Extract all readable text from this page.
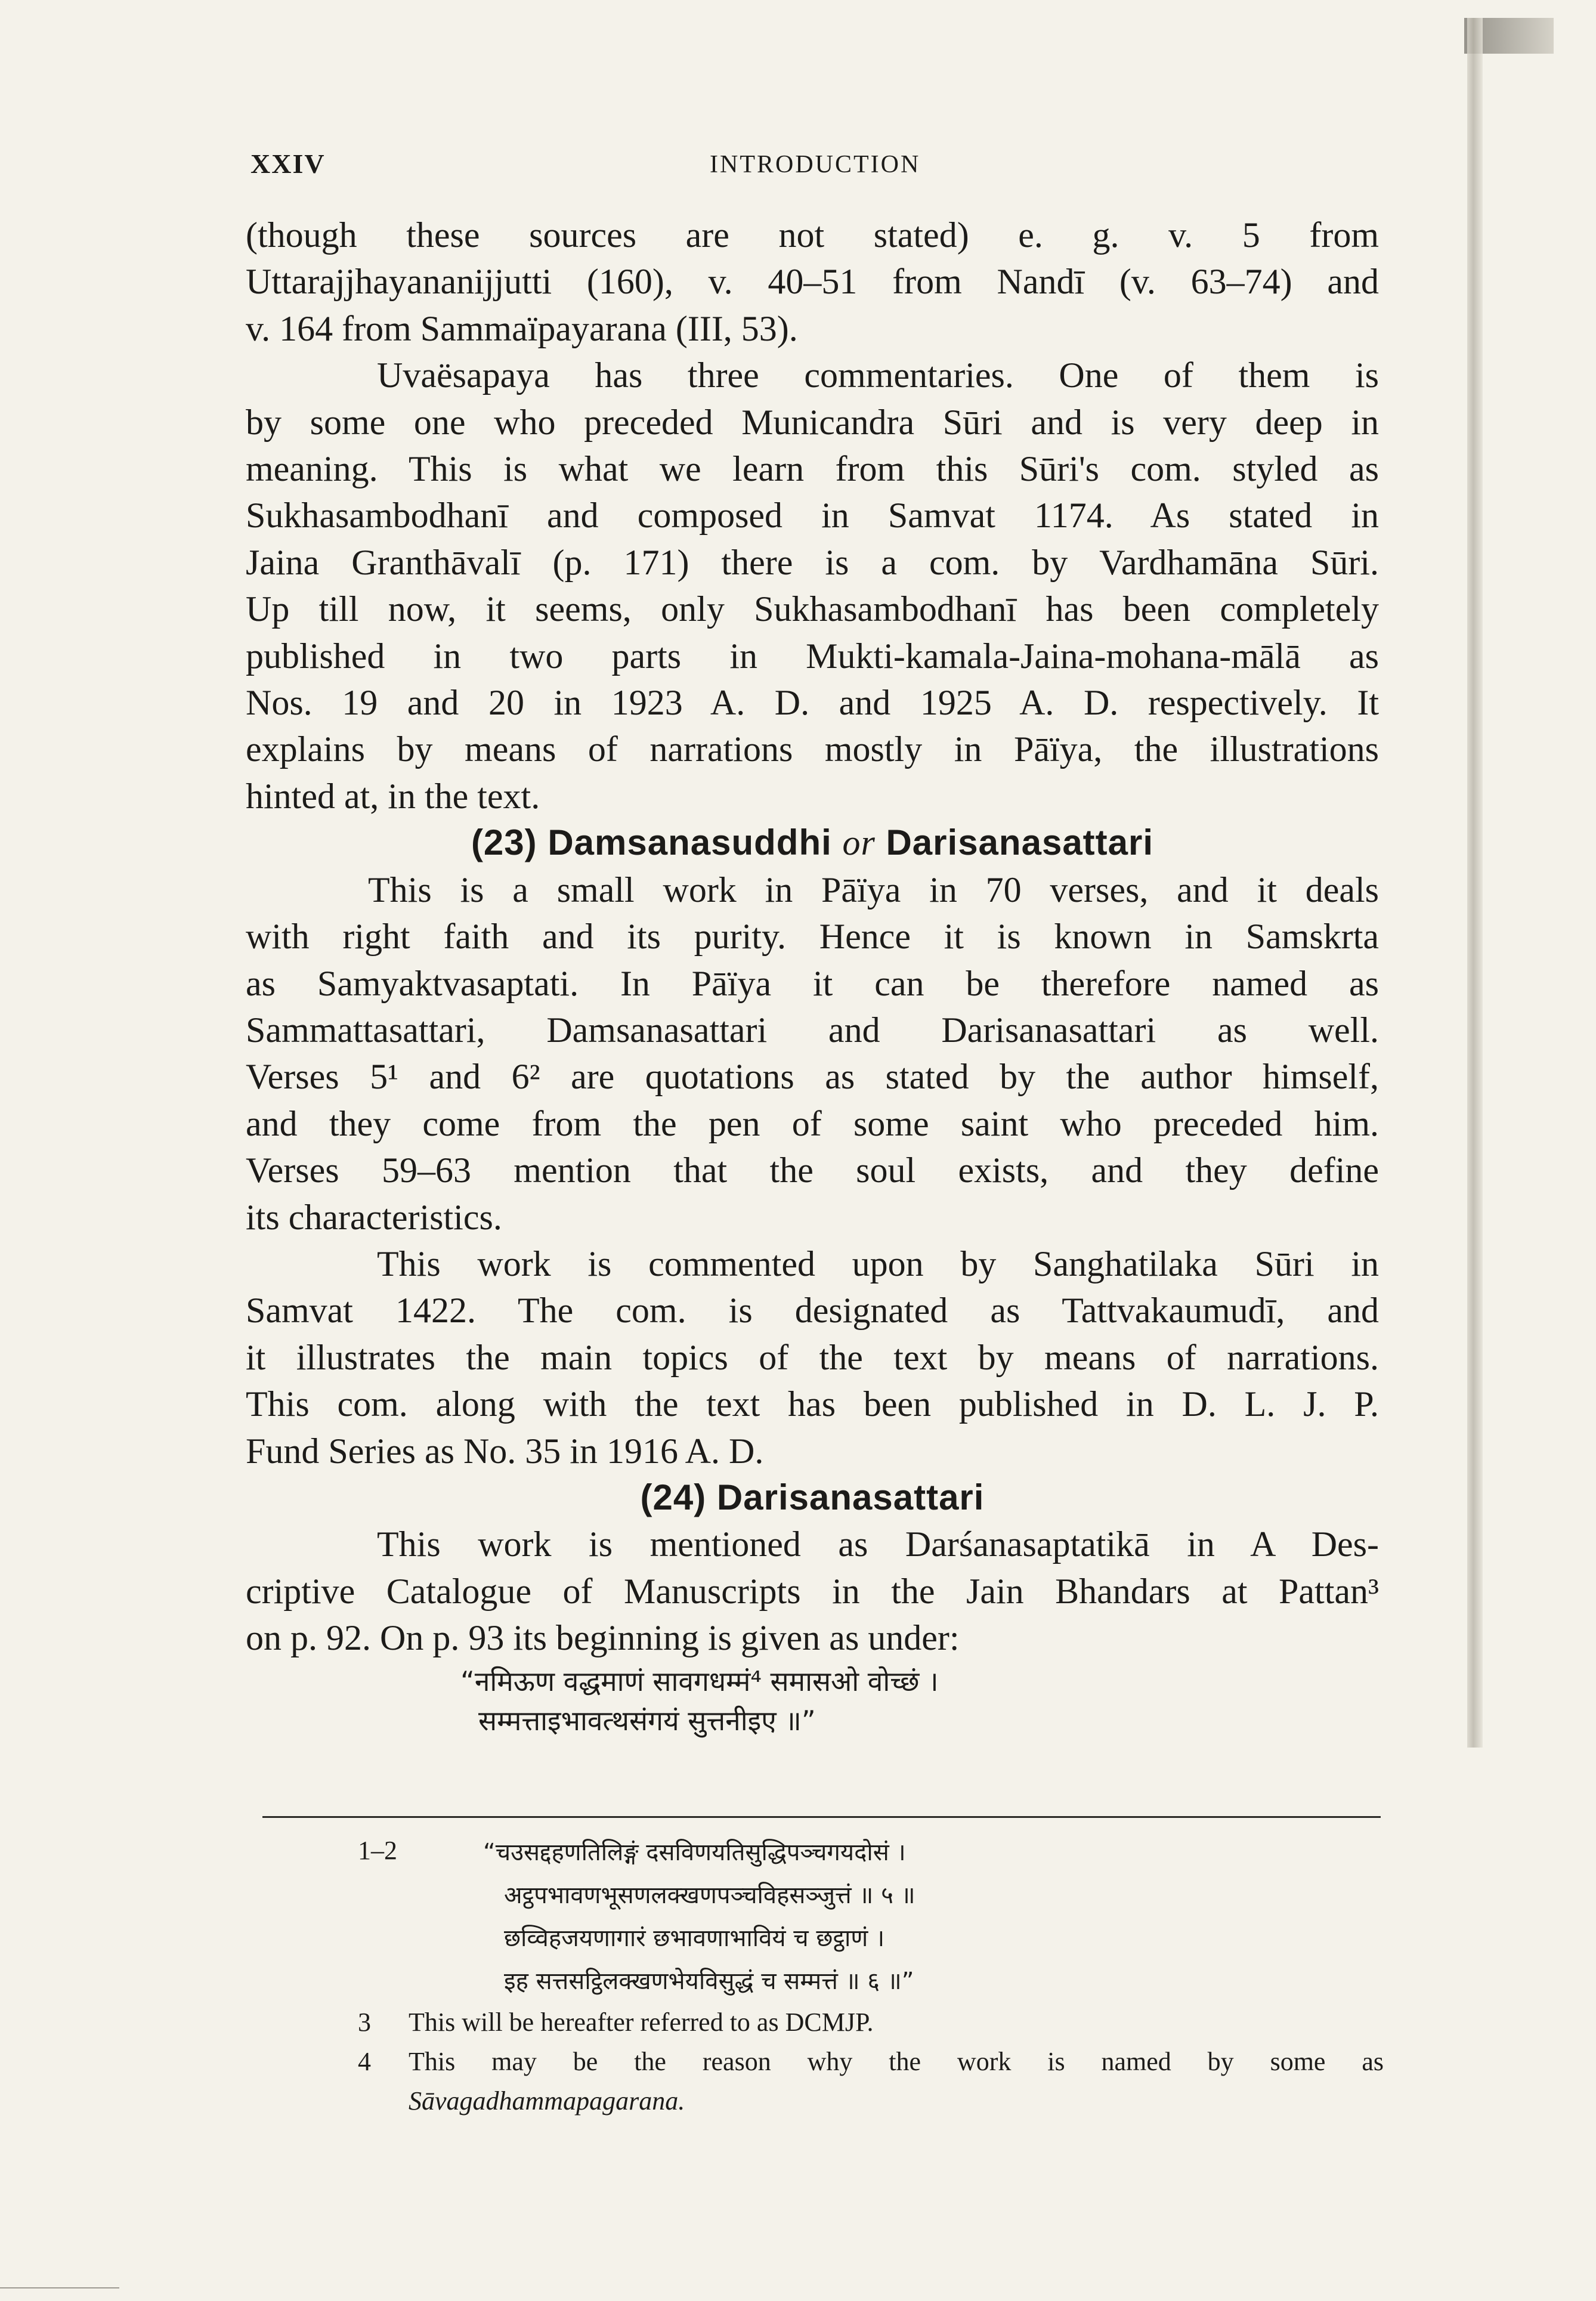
XXIV	INTRODUCTION
(though these sources are not stated) e. g. v. 5 from
Uttarajjhayananijjutti (160), v. 40–51 from Nandī (v. 63–74) and
v. 164 from Sammaïpayarana (III, 53).
Uvaësapaya has three commentaries. One of them is
by some one who preceded Municandra Sūri and is very deep in
meaning. This is what we learn from this Sūri's com. styled as
Sukhasambodhanī and composed in Samvat 1174. As stated in
Jaina Granthāvalī (p. 171) there is a com. by Vardhamāna Sūri.
Up till now, it seems, only Sukhasambodhanī has been completely
published in two parts in Mukti-kamala-Jaina-mohana-mālā as
Nos. 19 and 20 in 1923 A. D. and 1925 A. D. respectively. It
explains by means of narrations mostly in Pāïya, the illustrations
hinted at, in the text.
(23) Damsanasuddhi or Darisanasattari
This is a small work in Pāïya in 70 verses, and it deals
with right faith and its purity. Hence it is known in Samskrta
as Samyaktvasaptati. In Pāïya it can be therefore named as
Sammattasattari, Damsanasattari and Darisanasattari as well.
Verses 5¹ and 6² are quotations as stated by the author himself,
and they come from the pen of some saint who preceded him.
Verses 59–63 mention that the soul exists, and they define
its characteristics.
This work is commented upon by Sanghatilaka Sūri in
Samvat 1422. The com. is designated as Tattvakaumudī, and
it illustrates the main topics of the text by means of narrations.
This com. along with the text has been published in D. L. J. P.
Fund Series as No. 35 in 1916 A. D.
(24) Darisanasattari
This work is mentioned as Darśanasaptatikā in A Des-
criptive Catalogue of Manuscripts in the Jain Bhandars at Pattan³
on p. 92. On p. 93 its beginning is given as under:
“नमिऊण वद्धमाणं सावगधम्मं⁴ समासओ वोच्छं ।
सम्मत्ताइभावत्थसंगयं सुत्तनीइए ॥”
1–2	“चउसद्दहणतिलिङ्गं दसविणयतिसुद्धिपञ्चगयदोसं ।
अट्ठपभावणभूसणलक्खणपञ्चविहसञ्जुत्तं ॥ ५ ॥
छव्विहजयणागारं छभावणाभावियं च छट्ठाणं ।
इह सत्तसट्ठिलक्खणभेयविसुद्धं च सम्मत्तं ॥ ६ ॥”
3	This will be hereafter referred to as DCMJP.
4	This may be the reason why the work is named by some as
Sāvagadhammapagarana.
